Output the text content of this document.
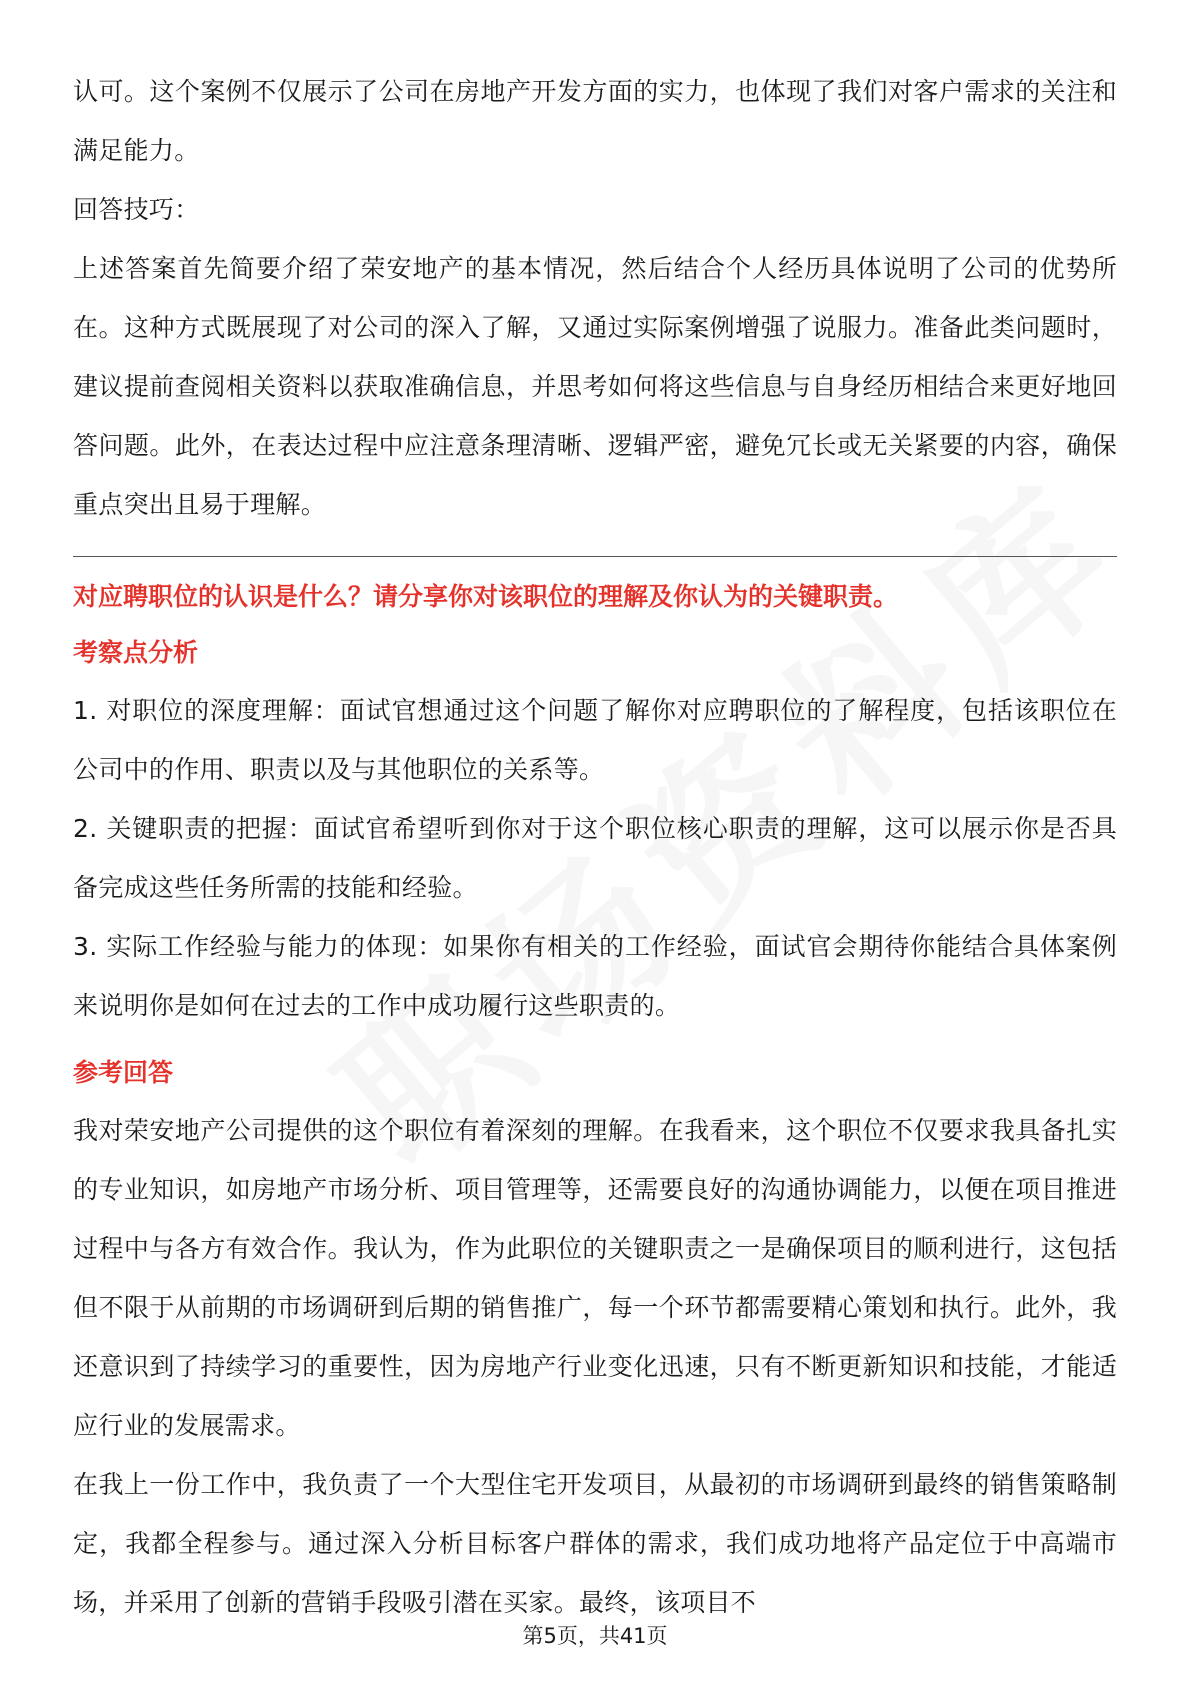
认可。这个案例不仅展示了公司在房地产开发方面的实力，也体现了我们对客户需求的关注和满足能力。

回答技巧：

上述答案首先简要介绍了荣安地产的基本情况，然后结合个人经历具体说明了公司的优势所在。这种方式既展现了对公司的深入了解，又通过实际案例增强了说服力。准备此类问题时，建议提前查阅相关资料以获取准确信息，并思考如何将这些信息与自身经历相结合来更好地回答问题。此外，在表达过程中应注意条理清晰、逻辑严密，避免冗长或无关紧要的内容，确保重点突出且易于理解。

对应聘职位的认识是什么？请分享你对该职位的理解及你认为的关键职责。

考察点分析

1. 对职位的深度理解：面试官想通过这个问题了解你对应聘职位的了解程度，包括该职位在公司中的作用、职责以及与其他职位的关系等。

2. 关键职责的把握：面试官希望听到你对于这个职位核心职责的理解，这可以展示你是否具备完成这些任务所需的技能和经验。

3. 实际工作经验与能力的体现：如果你有相关的工作经验，面试官会期待你能结合具体案例来说明你是如何在过去的工作中成功履行这些职责的。

参考回答

我对荣安地产公司提供的这个职位有着深刻的理解。在我看来，这个职位不仅要求我具备扎实的专业知识，如房地产市场分析、项目管理等，还需要良好的沟通协调能力，以便在项目推进过程中与各方有效合作。我认为，作为此职位的关键职责之一是确保项目的顺利进行，这包括但不限于从前期的市场调研到后期的销售推广，每一个环节都需要精心策划和执行。此外，我还意识到了持续学习的重要性，因为房地产行业变化迅速，只有不断更新知识和技能，才能适应行业的发展需求。

在我上一份工作中，我负责了一个大型住宅开发项目，从最初的市场调研到最终的销售策略制定，我都全程参与。通过深入分析目标客户群体的需求，我们成功地将产品定位于中高端市场，并采用了创新的营销手段吸引潜在买家。最终，该项目不

第5页，共41页
